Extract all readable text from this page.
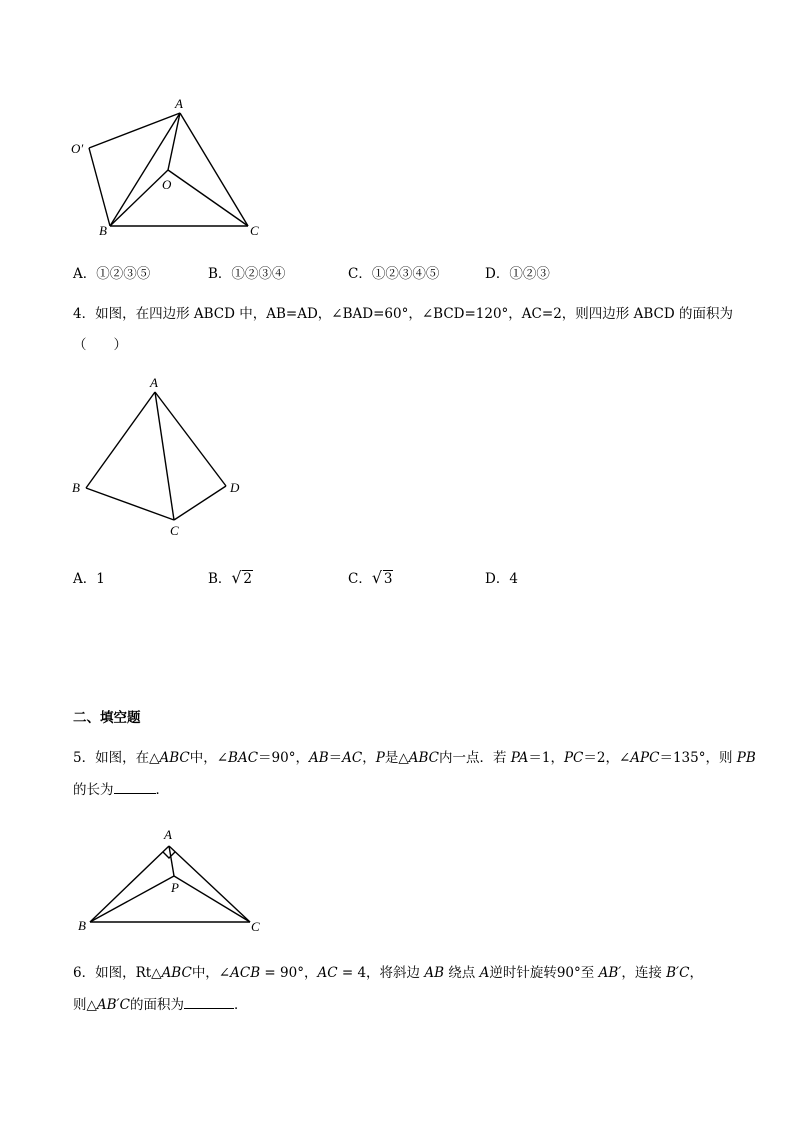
A
O′
O
B	C
A．①②③⑤	B．①②③④	C．①②③④⑤	D．①②③
4．如图，在四边形 ABCD 中，AB=AD，∠BAD=60°，∠BCD=120°，AC=2，则四边形 ABCD 的面积为
（　　）
A
B
C
D
A．1	B． √ 2	C． √ 3	D．4
二、填空题
5．如图，在△ABC中，∠BAC＝90°，AB＝AC，P是△ABC内一点．若 PA＝1，PC＝2，∠APC＝135°，则 PB
的长为	．
A
P
B	C
6．如图，Rt△ABC中，∠ACB = 90°，AC = 4，将斜边 AB 绕点 A逆时针旋转90°至 AB′，连接 B′C，
则△AB′C的面积为	．
